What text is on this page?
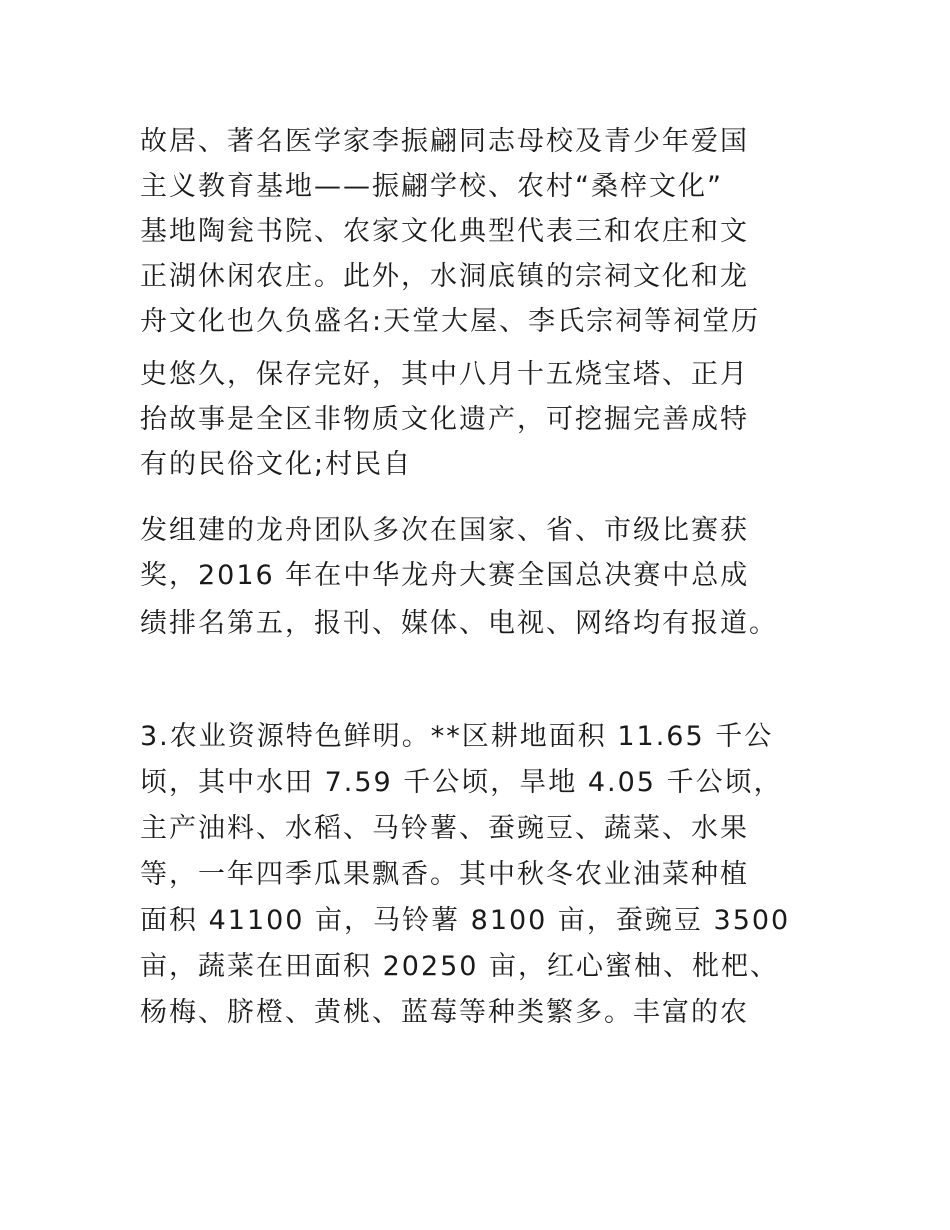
故居、著名医学家李振翩同志母校及青少年爱国
主义教育基地——振翩学校、农村“桑梓文化”
基地陶瓮书院、农家文化典型代表三和农庄和文
正湖休闲农庄。此外，水洞底镇的宗祠文化和龙
舟文化也久负盛名:天堂大屋、李氏宗祠等祠堂历
史悠久，保存完好，其中八月十五烧宝塔、正月
抬故事是全区非物质文化遗产，可挖掘完善成特
有的民俗文化;村民自
发组建的龙舟团队多次在国家、省、市级比赛获
奖，2016 年在中华龙舟大赛全国总决赛中总成
绩排名第五，报刊、媒体、电视、网络均有报道。
3.农业资源特色鲜明。**区耕地面积 11.65 千公
顷，其中水田 7.59 千公顷，旱地 4.05 千公顷，
主产油料、水稻、马铃薯、蚕豌豆、蔬菜、水果
等，一年四季瓜果飘香。其中秋冬农业油菜种植
面积 41100 亩，马铃薯 8100 亩，蚕豌豆 3500
亩，蔬菜在田面积 20250 亩，红心蜜柚、枇杷、
杨梅、脐橙、黄桃、蓝莓等种类繁多。丰富的农
